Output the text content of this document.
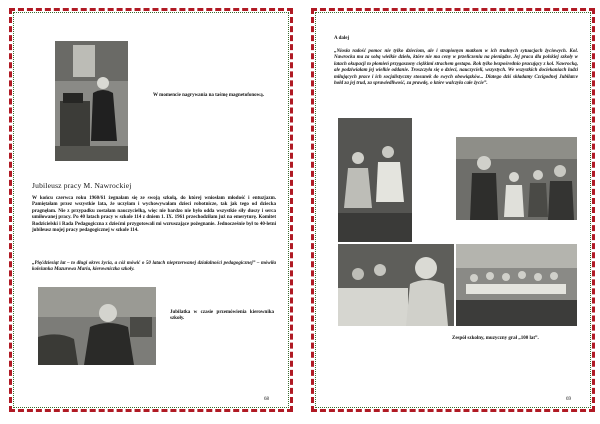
W momencie nagrywania na taśmę magnetofonową.
Jubileusz pracy M. Nawrockiej
W końcu czerwca roku 1960/61 żegnałam się ze swoją szkołą, do której wniosłam młodość i entuzjazm. Pamiętałam przez wszystkie lata, że uczyłam i wychowywałam dzieci robotnicze, tak jak tego od dziecka pragnęłam. Nie z przypadku zostałam nauczycielką, więc nie bardzo nie było odda wszystkie siły duszy i serca umiłowanej pracy. Po 40 latach pracy w szkole 114 z dniem 1. IX. 1961 przechodziłam już na emeryturę. Komitet Rodzicielski i Rada Pedagogiczna z dziećmi przygotowali mi wzruszające pożegnanie. Jednocześnie był to 40-letni jubileusz mojej pracy pedagogicznej w szkole 114.
„Pięćdziesiąt lat – to długi okres życia, a cóż mówić o 50 latach nieprzerwanej działalności pedagogicznej” – mówiła koleżanka Mazurowa Maria, kierowniczka szkoły.
Jubilatka w czasie przemówienia kierownika szkoły.
68
A dalej
„Niosła radość pomoc nie tylko dzieciom, ale i strapionym matkom w ich trudnych sytuacjach życiowych. Kol. Nawrocka ma za sobą wielkie dzieło, które nie ma ceny w przeliczeniu na pieniądze. Jej praca dla polskiej szkoły w latach okupacji to płomień przygaszony ciężkimi strachem gestapo. Rok tylko bezpośrednio pracujący z kol. Nawrocką, ale podziwiałam jej wielkie oddanie. Troszczyła się o dzieci, nauczycieli, wszystych. We wszystkich dociekaniach ludzi miłujących prace i ich socjalistyczny stosunek do swych obowiązków... Dlatego dziś składamy Czcigodnej Jubilatce hołd za jej trud, za sprawiedliwość, za prawdę, o które walczyła całe życie”.
Zespół szkolny, muzyczny grał „100 lat”.
69
